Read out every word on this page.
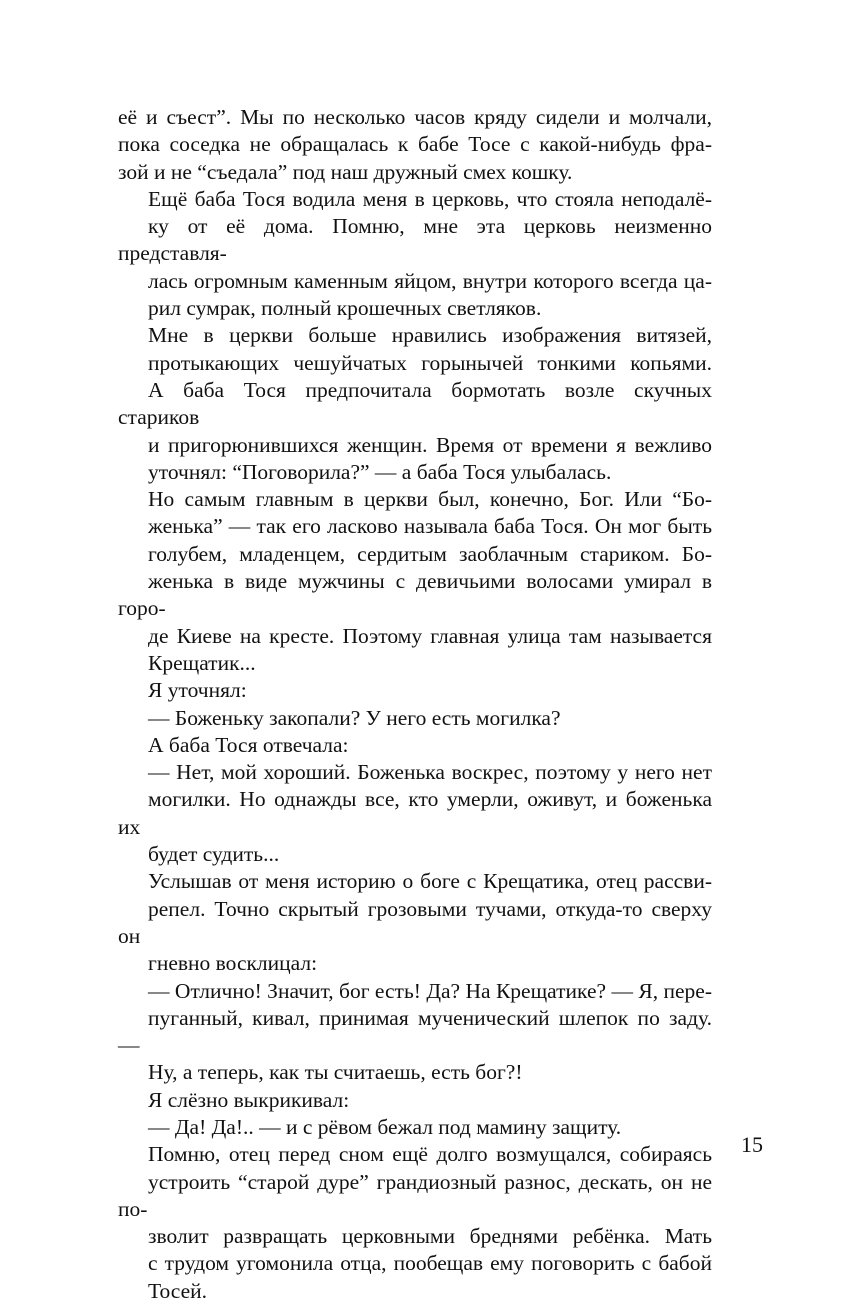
её и съест”. Мы по несколько часов кряду сидели и молчали,
пока соседка не обращалась к бабе Тосе с какой-нибудь фра-
зой и не “съедала” под наш дружный смех кошку.

Ещё баба Тося водила меня в церковь, что стояла неподалё-
ку от её дома. Помню, мне эта церковь неизменно представля-
лась огромным каменным яйцом, внутри которого всегда ца-
рил сумрак, полный крошечных светляков.

Мне в церкви больше нравились изображения витязей,
протыкающих чешуйчатых горынычей тонкими копьями.
А баба Тося предпочитала бормотать возле скучных стариков
и пригорюнившихся женщин. Время от времени я вежливо
уточнял: “Поговорила?” — а баба Тося улыбалась.

Но самым главным в церкви был, конечно, Бог. Или “Бо-
женька” — так его ласково называла баба Тося. Он мог быть
голубем, младенцем, сердитым заоблачным стариком. Бо-
женька в виде мужчины с девичьими волосами умирал в горо-
де Киеве на кресте. Поэтому главная улица там называется
Крещатик...

Я уточнял:

— Боженьку закопали? У него есть могилка?

А баба Тося отвечала:

— Нет, мой хороший. Боженька воскрес, поэтому у него нет
могилки. Но однажды все, кто умерли, оживут, и боженька их
будет судить...

Услышав от меня историю о боге с Крещатика, отец рассви-
репел. Точно скрытый грозовыми тучами, откуда-то сверху он
гневно восклицал:

— Отлично! Значит, бог есть! Да? На Крещатике? — Я, пере-
пуганный, кивал, принимая мученический шлепок по заду. —
Ну, а теперь, как ты считаешь, есть бог?!

Я слёзно выкрикивал:

— Да! Да!.. — и с рёвом бежал под мамину защиту.

Помню, отец перед сном ещё долго возмущался, собираясь
устроить “старой дуре” грандиозный разнос, дескать, он не по-
зволит развращать церковными бреднями ребёнка. Мать
с трудом угомонила отца, пообещав ему поговорить с бабой
Тосей.

15
